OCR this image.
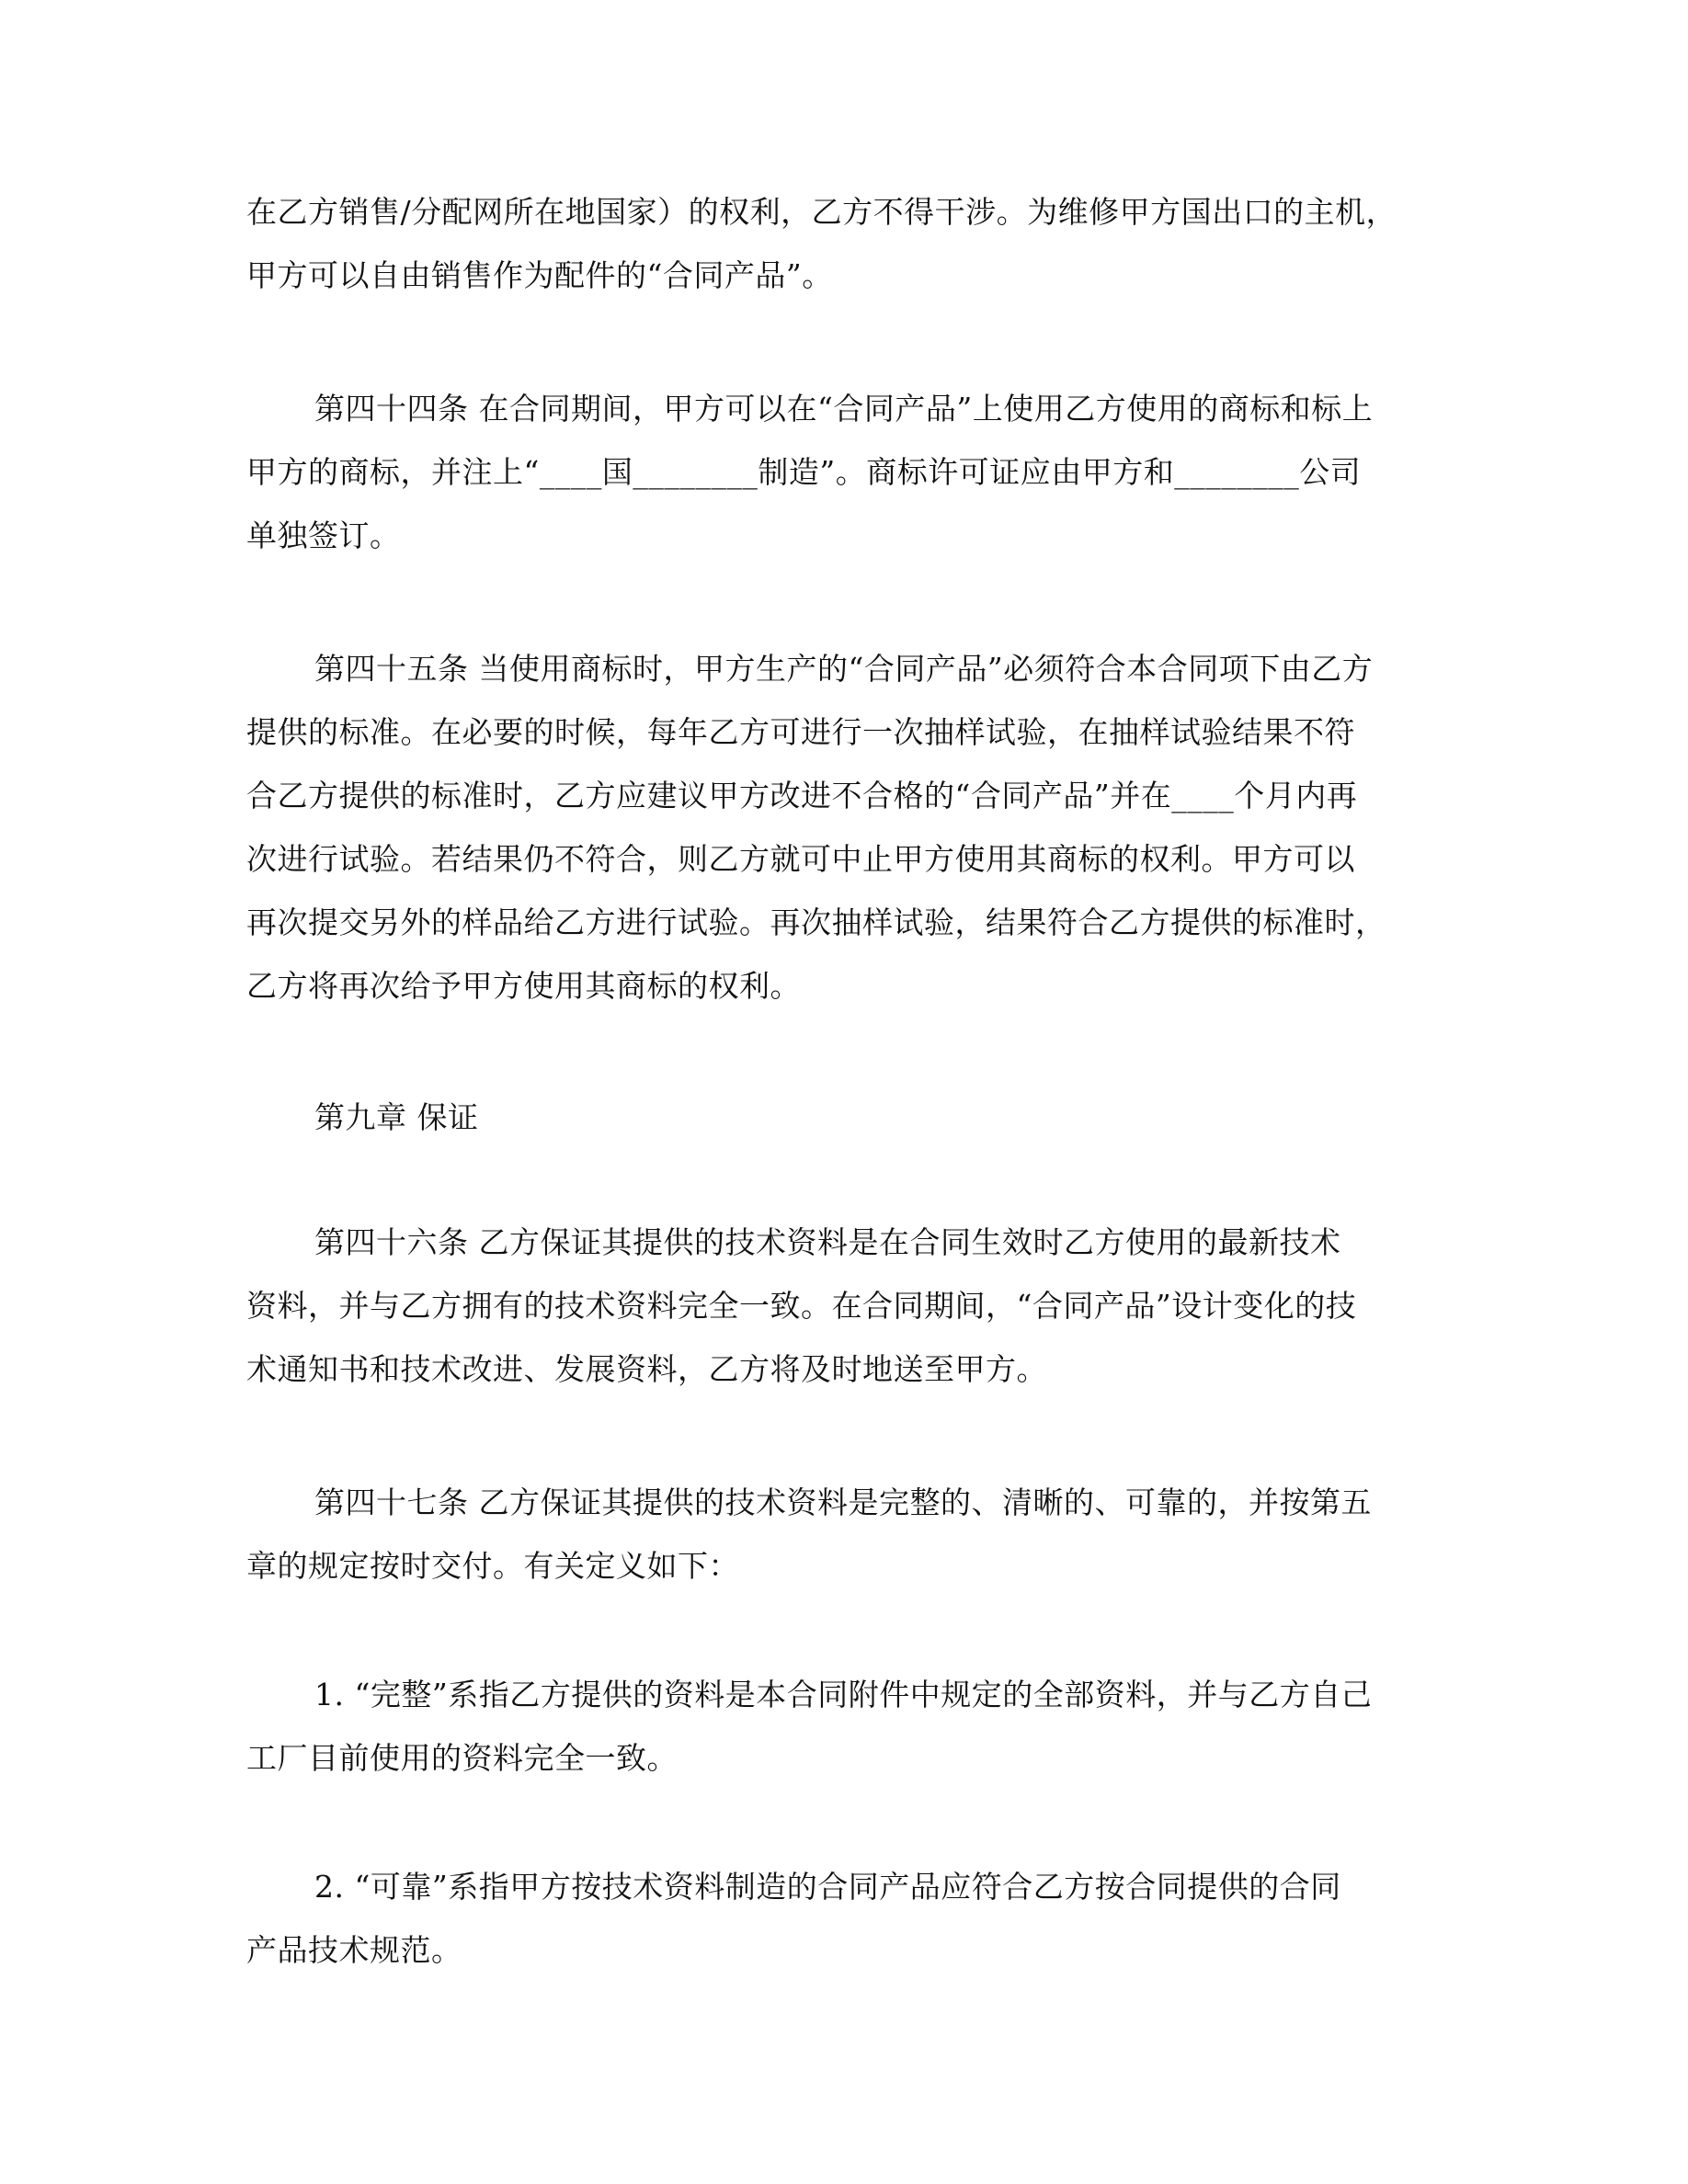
在乙方销售/分配网所在地国家）的权利，乙方不得干涉。为维修甲方国出口的主机，
甲方可以自由销售作为配件的“合同产品”。
第四十四条 在合同期间，甲方可以在“合同产品”上使用乙方使用的商标和标上
甲方的商标，并注上“____国________制造”。商标许可证应由甲方和________公司
单独签订。
第四十五条 当使用商标时，甲方生产的“合同产品”必须符合本合同项下由乙方
提供的标准。在必要的时候，每年乙方可进行一次抽样试验，在抽样试验结果不符
合乙方提供的标准时，乙方应建议甲方改进不合格的“合同产品”并在____个月内再
次进行试验。若结果仍不符合，则乙方就可中止甲方使用其商标的权利。甲方可以
再次提交另外的样品给乙方进行试验。再次抽样试验，结果符合乙方提供的标准时，
乙方将再次给予甲方使用其商标的权利。
第九章 保证
第四十六条 乙方保证其提供的技术资料是在合同生效时乙方使用的最新技术
资料，并与乙方拥有的技术资料完全一致。在合同期间，“合同产品”设计变化的技
术通知书和技术改进、发展资料，乙方将及时地送至甲方。
第四十七条 乙方保证其提供的技术资料是完整的、清晰的、可靠的，并按第五
章的规定按时交付。有关定义如下：
1. “完整”系指乙方提供的资料是本合同附件中规定的全部资料，并与乙方自己
工厂目前使用的资料完全一致。
2. “可靠”系指甲方按技术资料制造的合同产品应符合乙方按合同提供的合同
产品技术规范。
